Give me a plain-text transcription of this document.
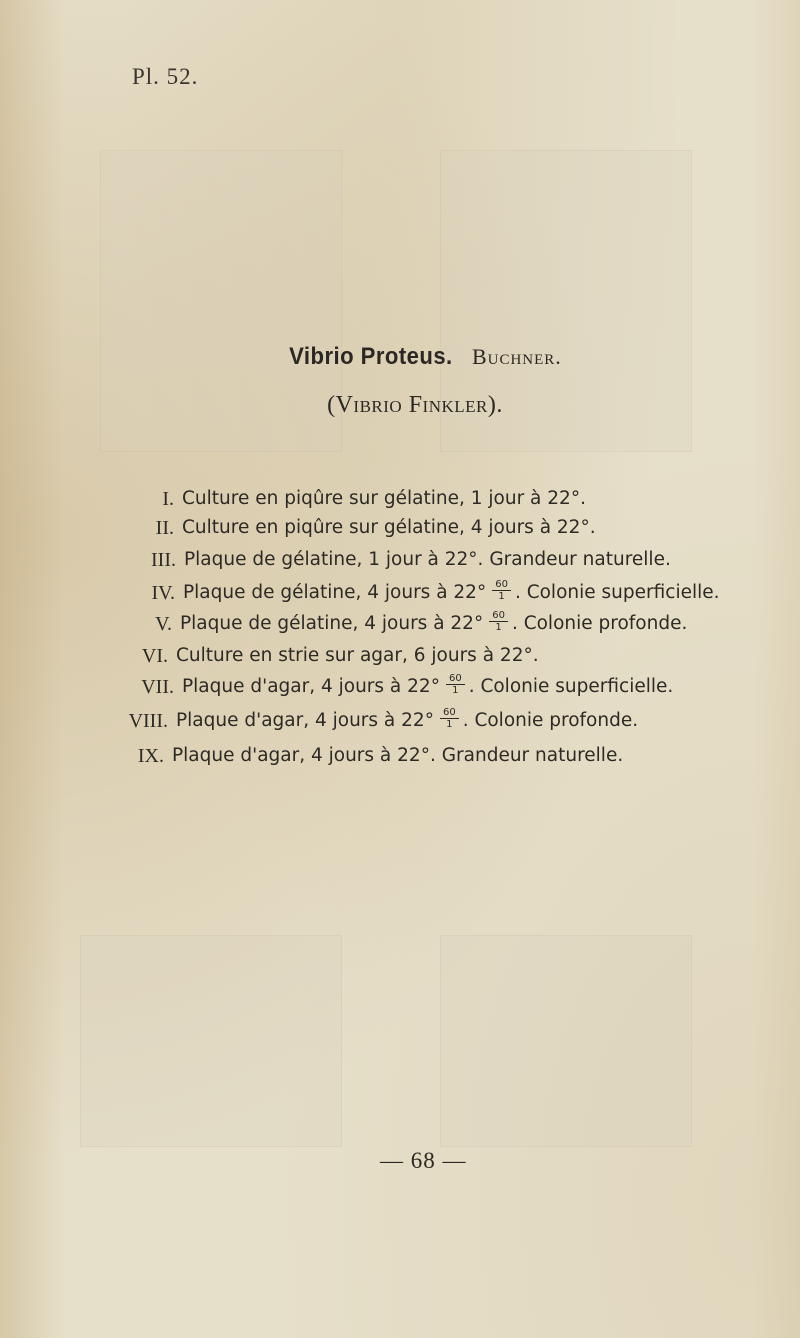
Pl. 52.
Vibrio Proteus. Buchner.
(Vibrio Finkler).
I. Culture en piqûre sur gélatine, 1 jour à 22°.
II. Culture en piqûre sur gélatine, 4 jours à 22°.
III. Plaque de gélatine, 1 jour à 22°. Grandeur naturelle.
IV. Plaque de gélatine, 4 jours à $22^\circ \frac{60}{1}$ . Colonie superficielle.
V. Plaque de gélatine, 4 jours à $22^\circ \frac{60}{1}$ . Colonie profonde.
VI. Culture en strie sur agar, 6 jours à 22°.
VII. Plaque d'agar, 4 jours à $22^\circ \frac{60}{1}$ . Colonie superficielle.
VIII. Plaque d'agar, 4 jours à $22^\circ \frac{60}{1}$ . Colonie profonde.
IX. Plaque d'agar, 4 jours à 22°. Grandeur naturelle.
— 68 —
